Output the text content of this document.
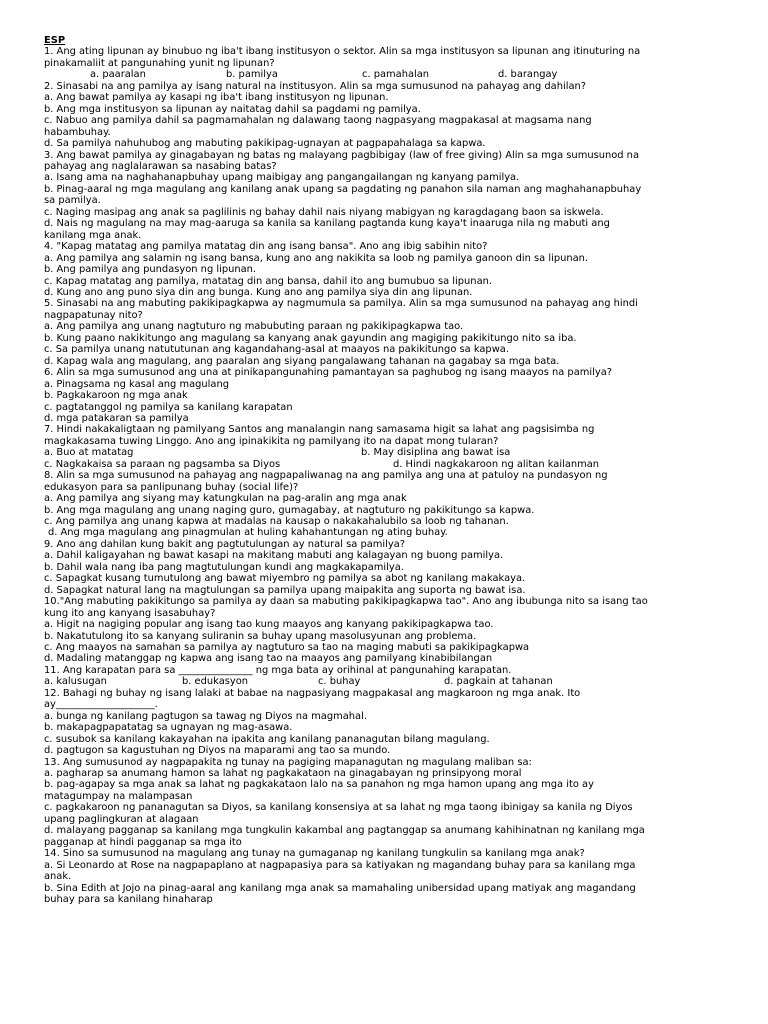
ESP
1. Ang ating lipunan ay binubuo ng iba't ibang institusyon o sektor. Alin sa mga institusyon sa lipunan ang itinuturing na
pinakamaliit at pangunahing yunit ng lipunan?
a. paaralan	b. pamilya	c. pamahalan	d. barangay
2. Sinasabi na ang pamilya ay isang natural na institusyon. Alin sa mga sumusunod na pahayag ang dahilan?
a. Ang bawat pamilya ay kasapi ng iba't ibang institusyon ng lipunan.
b. Ang mga institusyon sa lipunan ay naitatag dahil sa pagdami ng pamilya.
c. Nabuo ang pamilya dahil sa pagmamahalan ng dalawang taong nagpasyang magpakasal at magsama nang
habambuhay.
d. Sa pamilya nahuhubog ang mabuting pakikipag-ugnayan at pagpapahalaga sa kapwa.
3. Ang bawat pamilya ay ginagabayan ng batas ng malayang pagbibigay (law of free giving) Alin sa mga sumusunod na
pahayag ang naglalarawan sa nasabing batas?
a. Isang ama na naghahanapbuhay upang maibigay ang pangangailangan ng kanyang pamilya.
b. Pinag-aaral ng mga magulang ang kanilang anak upang sa pagdating ng panahon sila naman ang maghahanapbuhay
sa pamilya.
c. Naging masipag ang anak sa paglilinis ng bahay dahil nais niyang mabigyan ng karagdagang baon sa iskwela.
d. Nais ng magulang na may mag-aaruga sa kanila sa kanilang pagtanda kung kaya't inaaruga nila ng mabuti ang
kanilang mga anak.
4. "Kapag matatag ang pamilya matatag din ang isang bansa". Ano ang ibig sabihin nito?
a. Ang pamilya ang salamin ng isang bansa, kung ano ang nakikita sa loob ng pamilya ganoon din sa lipunan.
b. Ang pamilya ang pundasyon ng lipunan.
c. Kapag matatag ang pamilya, matatag din ang bansa, dahil ito ang bumubuo sa lipunan.
d. Kung ano ang puno siya din ang bunga. Kung ano ang pamilya siya din ang lipunan.
5. Sinasabi na ang mabuting pakikipagkapwa ay nagmumula sa pamilya. Alin sa mga sumusunod na pahayag ang hindi
nagpapatunay nito?
a. Ang pamilya ang unang nagtuturo ng mabubuting paraan ng pakikipagkapwa tao.
b. Kung paano nakikitungo ang magulang sa kanyang anak gayundin ang magiging pakikitungo nito sa iba.
c. Sa pamilya unang natututunan ang kagandahang-asal at maayos na pakikitungo sa kapwa.
d. Kapag wala ang magulang, ang paaralan ang siyang pangalawang tahanan na gagabay sa mga bata.
6. Alin sa mga sumusunod ang una at pinikapangunahing pamantayan sa paghubog ng isang maayos na pamilya?
a. Pinagsama ng kasal ang magulang
b. Pagkakaroon ng mga anak
c. pagtatanggol ng pamilya sa kanilang karapatan
d. mga patakaran sa pamilya
7. Hindi nakakaligtaan ng pamilyang Santos ang manalangin nang samasama higit sa lahat ang pagsisimba ng
magkakasama tuwing Linggo. Ano ang ipinakikita ng pamilyang ito na dapat mong tularan?
a. Buo at matatag	b. May disiplina ang bawat isa
c. Nagkakaisa sa paraan ng pagsamba sa Diyos	d. Hindi nagkakaroon ng alitan kailanman
8. Alin sa mga sumusunod na pahayag ang nagpapaliwanag na ang pamilya ang una at patuloy na pundasyon ng
edukasyon para sa panlipunang buhay (social life)?
a. Ang pamilya ang siyang may katungkulan na pag-aralin ang mga anak
b. Ang mga magulang ang unang naging guro, gumagabay, at nagtuturo ng pakikitungo sa kapwa.
c. Ang pamilya ang unang kapwa at madalas na kausap o nakakahalubilo sa loob ng tahanan.
d. Ang mga magulang ang pinagmulan at huling kahahantungan ng ating buhay.
9. Ano ang dahilan kung bakit ang pagtutulungan ay natural sa pamilya?
a. Dahil kaligayahan ng bawat kasapi na makitang mabuti ang kalagayan ng buong pamilya.
b. Dahil wala nang iba pang magtutulungan kundi ang magkakapamilya.
c. Sapagkat kusang tumutulong ang bawat miyembro ng pamilya sa abot ng kanilang makakaya.
d. Sapagkat natural lang na magtulungan sa pamilya upang maipakita ang suporta ng bawat isa.
10."Ang mabuting pakikitungo sa pamilya ay daan sa mabuting pakikipagkapwa tao". Ano ang ibubunga nito sa isang tao
kung ito ang kanyang isasabuhay?
a. Higit na nagiging popular ang isang tao kung maayos ang kanyang pakikipagkapwa tao.
b. Nakatutulong ito sa kanyang suliranin sa buhay upang masolusyunan ang problema.
c. Ang maayos na samahan sa pamilya ay nagtuturo sa tao na maging mabuti sa pakikipagkapwa
d. Madaling matanggap ng kapwa ang isang tao na maayos ang pamilyang kinabibilangan
11. Ang karapatan para sa _______________ ng mga bata ay orihinal at pangunahing karapatan.
a. kalusugan	b. edukasyon	c. buhay	d. pagkain at tahanan
12. Bahagi ng buhay ng isang lalaki at babae na nagpasiyang magpakasal ang magkaroon ng mga anak. Ito
ay____________________.
a. bunga ng kanilang pagtugon sa tawag ng Diyos na magmahal.
b. makapagpapatatag sa ugnayan ng mag-asawa.
c. susubok sa kanilang kakayahan na ipakita ang kanilang pananagutan bilang magulang.
d. pagtugon sa kagustuhan ng Diyos na maparami ang tao sa mundo.
13. Ang sumusunod ay nagpapakita ng tunay na pagiging mapanagutan ng magulang maliban sa:
a. pagharap sa anumang hamon sa lahat ng pagkakataon na ginagabayan ng prinsipyong moral
b. pag-agapay sa mga anak sa lahat ng pagkakataon lalo na sa panahon ng mga hamon upang ang mga ito ay
matagumpay na malampasan
c. pagkakaroon ng pananagutan sa Diyos, sa kanilang konsensiya at sa lahat ng mga taong ibinigay sa kanila ng Diyos
upang paglingkuran at alagaan
d. malayang pagganap sa kanilang mga tungkulin kakambal ang pagtanggap sa anumang kahihinatnan ng kanilang mga
pagganap at hindi pagganap sa mga ito
14. Sino sa sumusunod na magulang ang tunay na gumaganap ng kanilang tungkulin sa kanilang mga anak?
a. Si Leonardo at Rose na nagpapaplano at nagpapasiya para sa katiyakan ng magandang buhay para sa kanilang mga
anak.
b. Sina Edith at Jojo na pinag-aaral ang kanilang mga anak sa mamahaling unibersidad upang matiyak ang magandang
buhay para sa kanilang hinaharap
